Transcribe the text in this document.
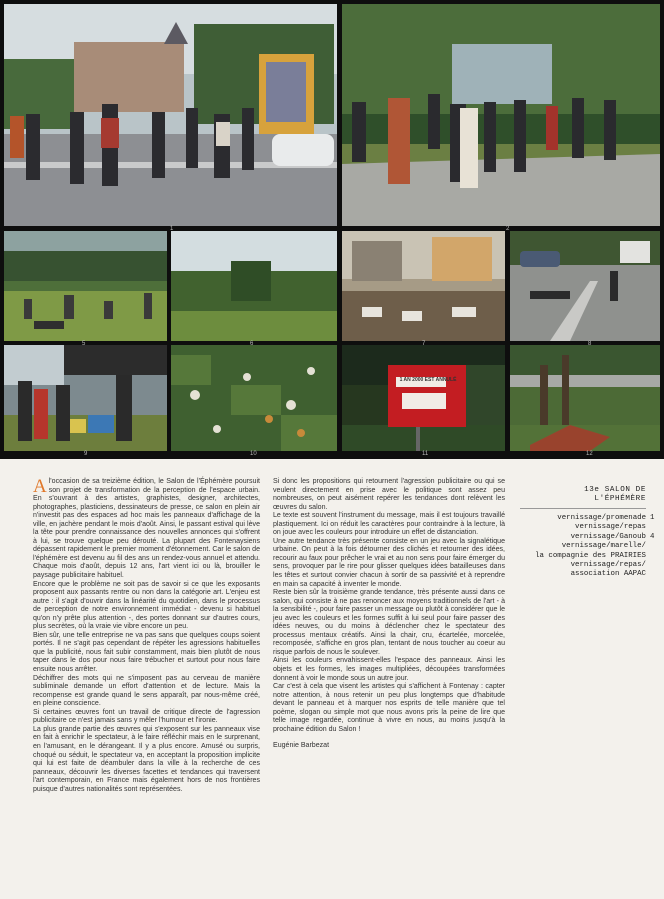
1 AN 2000 EST ANNULÉ
1	2
5	6	7	8
9	10	11	12

Al'occasion de sa treizième édition, le Salon de l'Éphémère poursuit son projet de transformation de la perception de l'espace urbain. En s'ouvrant à des artistes, graphistes, designer, architectes, photographes, plasticiens, dessinateurs de presse, ce salon en plein air n'investit pas des espaces ad hoc mais les panneaux d'affichage de la ville, en jachère pendant le mois d'août. Ainsi, le passant estival qui lève la tête pour prendre connaissance des nouvelles annonces qui s'offrent à lui, se trouve quelque peu dérouté. La plupart des Fontenaysiens dépassent rapidement le premier moment d'étonnement. Car le salon de l'éphémère est devenu au fil des ans un rendez-vous annuel et attendu. Chaque mois d'août, depuis 12 ans, l'art vient ici ou là, brouiller le paysage publicitaire habituel.

Encore que le problème ne soit pas de savoir si ce que les exposants proposent aux passants rentre ou non dans la catégorie art. L'enjeu est autre : il s'agit d'ouvrir dans la linéarité du quotidien, dans le processus de perception de notre environnement immédiat - devenu si habituel qu'on n'y prête plus attention -, des portes donnant sur d'autres cours, plus secrètes, où la vraie vie vibre encore un peu.

Bien sûr, une telle entreprise ne va pas sans que quelques coups soient portés. Il ne s'agit pas cependant de répéter les agressions habituelles que la publicité, nous fait subir constamment, mais bien plutôt de nous taper dans le dos pour nous faire trébucher et surtout pour nous faire ensuite nous arrêter.

Déchiffrer des mots qui ne s'imposent pas au cerveau de manière subliminale demande un effort d'attention et de lecture. Mais la recompense est grande quand le sens apparaît, par nous-même créé, en pleine conscience.

Si certaines œuvres font un travail de critique directe de l'agression publicitaire ce n'est jamais sans y mêler l'humour et l'ironie.

La plus grande partie des œuvres qui s'exposent sur les panneaux vise en fait à enrichir le spectateur, à le faire réfléchir mais en le surprenant, en l'amusant, en le dérangeant. Il y a plus encore. Amusé ou surpris, choqué ou séduit, le spectateur va, en acceptant la proposition implicite qui lui est faite de déambuler dans la ville à la recherche de ces panneaux, découvrir les diverses facettes et tendances qui traversent l'art contemporain, en France mais également hors de nos frontières puisque d'autres nationalités sont représentées.

Si donc les propositions qui retournent l'agression publicitaire ou qui se veulent directement en prise avec le politique sont assez peu nombreuses, on peut aisément repérer les tendances dont relèvent les œuvres du salon.

Le texte est souvent l'instrument du message, mais il est toujours travaillé plastiquement. Ici on réduit les caractères pour contraindre à la lecture, là on joue avec les couleurs pour introduire un effet de distanciation.

Une autre tendance très présente consiste en un jeu avec la signalétique urbaine. On peut à la fois détourner des clichés et retourner des idées, recourir au faux pour prêcher le vrai et au non sens pour faire émerger du sens, provoquer par le rire pour glisser quelques idées batailleuses dans les têtes et surtout convier chacun à sortir de sa passivité et à reprendre en main sa capacité à inventer le monde.

Reste bien sûr la troisième grande tendance, très présente aussi dans ce salon, qui consiste à ne pas renoncer aux moyens traditionnels de l'art - à la sensibilité -, pour faire passer un message ou plutôt à considérer que le jeu avec les couleurs et les formes suffit à lui seul pour faire passer des idées neuves, ou du moins à déclencher chez le spectateur des processus mentaux créatifs. Ainsi la chair, cru, écartelée, morcelée, recomposée, s'affiche en gros plan, tentant de nous toucher au coeur au risque parfois de nous le soulever.

Ainsi les couleurs envahissent-elles l'espace des panneaux. Ainsi les objets et les formes, les images multipliées, découpées transformées donnent à voir le monde sous un autre jour.

Car c'est à cela que visent les artistes qui s'affichent à Fontenay : capter notre attention, à nous retenir un peu plus longtemps que d'habitude devant le panneau et à marquer nos esprits de telle manière que tel poème, slogan ou simple mot que nous avons pris la peine de lire que telle image regardée, continue à vivre en nous, au moins jusqu'à la prochaine édition du Salon !

Eugénie Barbezat

13e SALON DE
L'ÉPHÉMÈRE
vernissage/promenade 1
vernissage/repas
vernissage/Ganoub 4
vernissage/marelle/
la compagnie des PRAIRIES
vernissage/repas/
association AAPAC
